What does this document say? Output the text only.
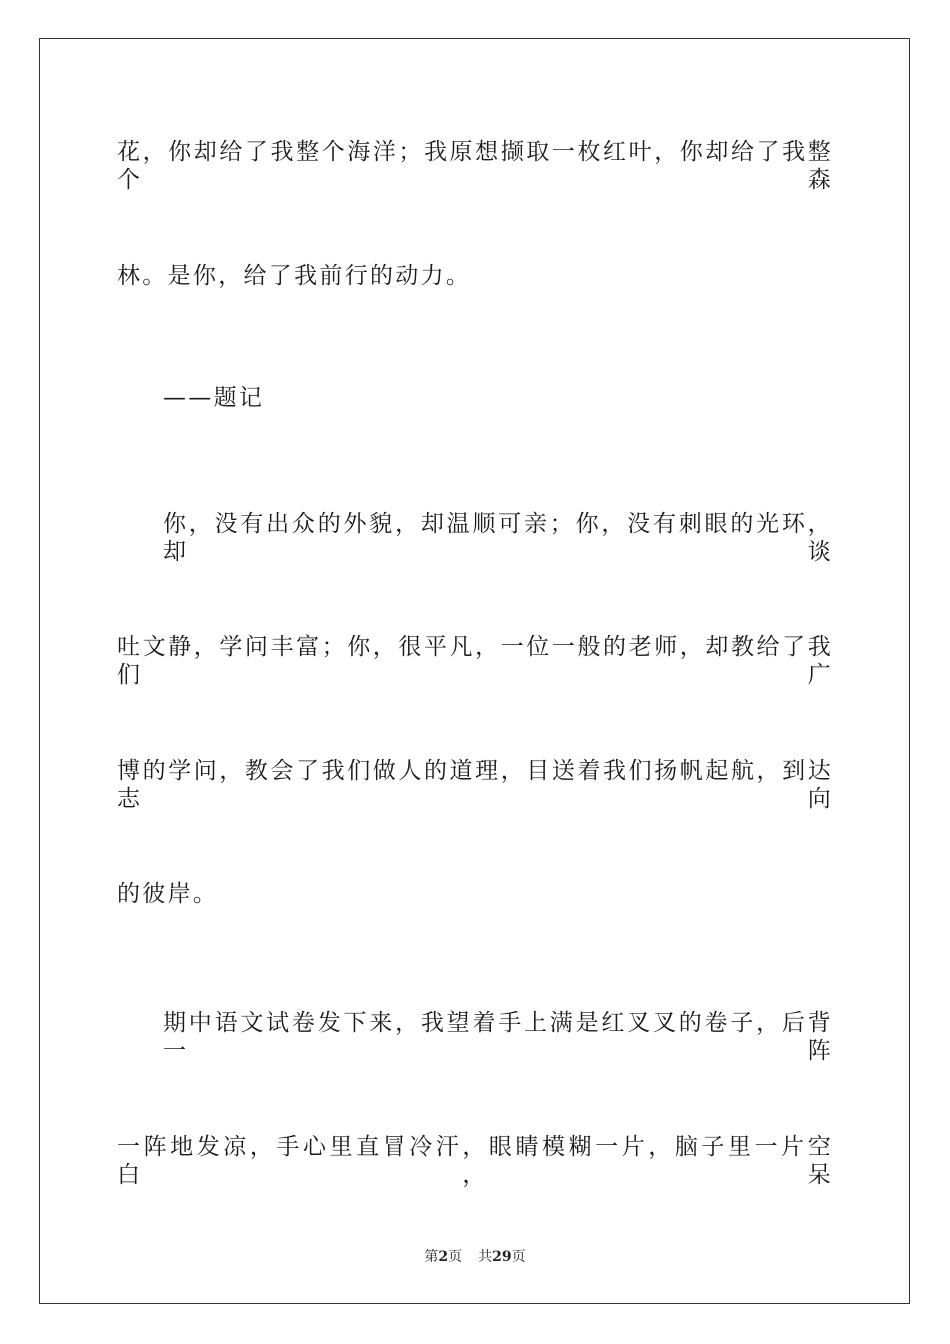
花，你却给了我整个海洋；我原想撷取一枚红叶，你却给了我整个森
林。是你，给了我前行的动力。
——题记
你，没有出众的外貌，却温顺可亲；你，没有刺眼的光环，却谈
吐文静，学问丰富；你，很平凡，一位一般的老师，却教给了我们广
博的学问，教会了我们做人的道理，目送着我们扬帆起航，到达志向
的彼岸。
期中语文试卷发下来，我望着手上满是红叉叉的卷子，后背一阵
一阵地发凉，手心里直冒冷汗，眼睛模糊一片，脑子里一片空白，呆
第2页 共29页
